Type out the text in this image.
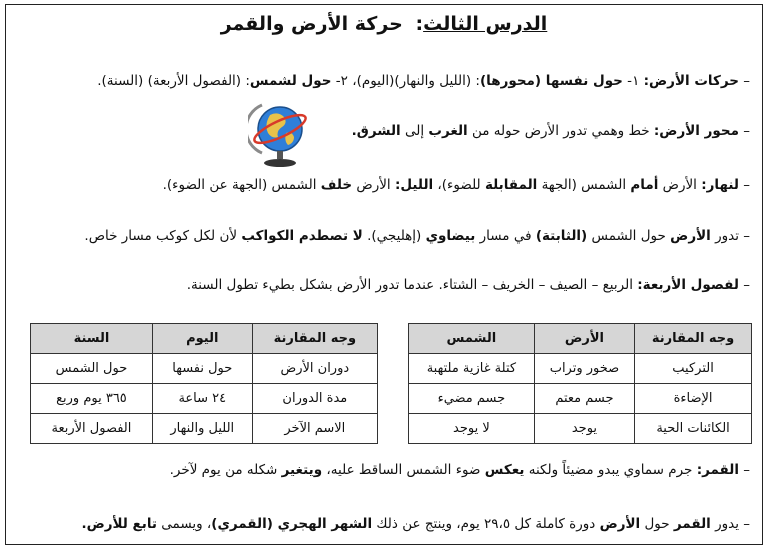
الدرس الثالث: حركة الأرض والقمر
– حركات الأرض: ١- حول نفسها (محورها): (الليل والنهار)(اليوم)، ٢- حول لشمس: (الفصول الأربعة) (السنة).
– محور الأرض: خط وهمي تدور الأرض حوله من الغرب إلى الشرق.
– لنهار: الأرض أمام الشمس (الجهة المقابلة للضوء)، الليل: الأرض خلف الشمس (الجهة عن الضوء).
– تدور الأرض حول الشمس (الثابتة) في مسار بيضاوي (إهليجي). لا تصطدم الكواكب لأن لكل كوكب مسار خاص.
– لفصول الأربعة: الربيع – الصيف – الخريف – الشتاء. عندما تدور الأرض بشكل بطيء تطول السنة.
وجه المقارنة	الأرض	الشمس
التركيب	صخور وتراب	كتلة غازية ملتهبة
الإضاءة	جسم معتم	جسم مضيء
الكائنات الحية	يوجد	لا يوجد
وجه المقارنة	اليوم	السنة
دوران الأرض	حول نفسها	حول الشمس
مدة الدوران	٢٤ ساعة	٣٦٥ يوم وربع
الاسم الآخر	الليل والنهار	الفصول الأربعة
– القمر: جرم سماوي يبدو مضيئاً ولكنه يعكس ضوء الشمس الساقط عليه، ويتغير شكله من يوم لآخر.
– يدور القمر حول الأرض دورة كاملة كل ٢٩،٥ يوم، وينتج عن ذلك الشهر الهجري (القمري)، ويسمى تابع للأرض.
